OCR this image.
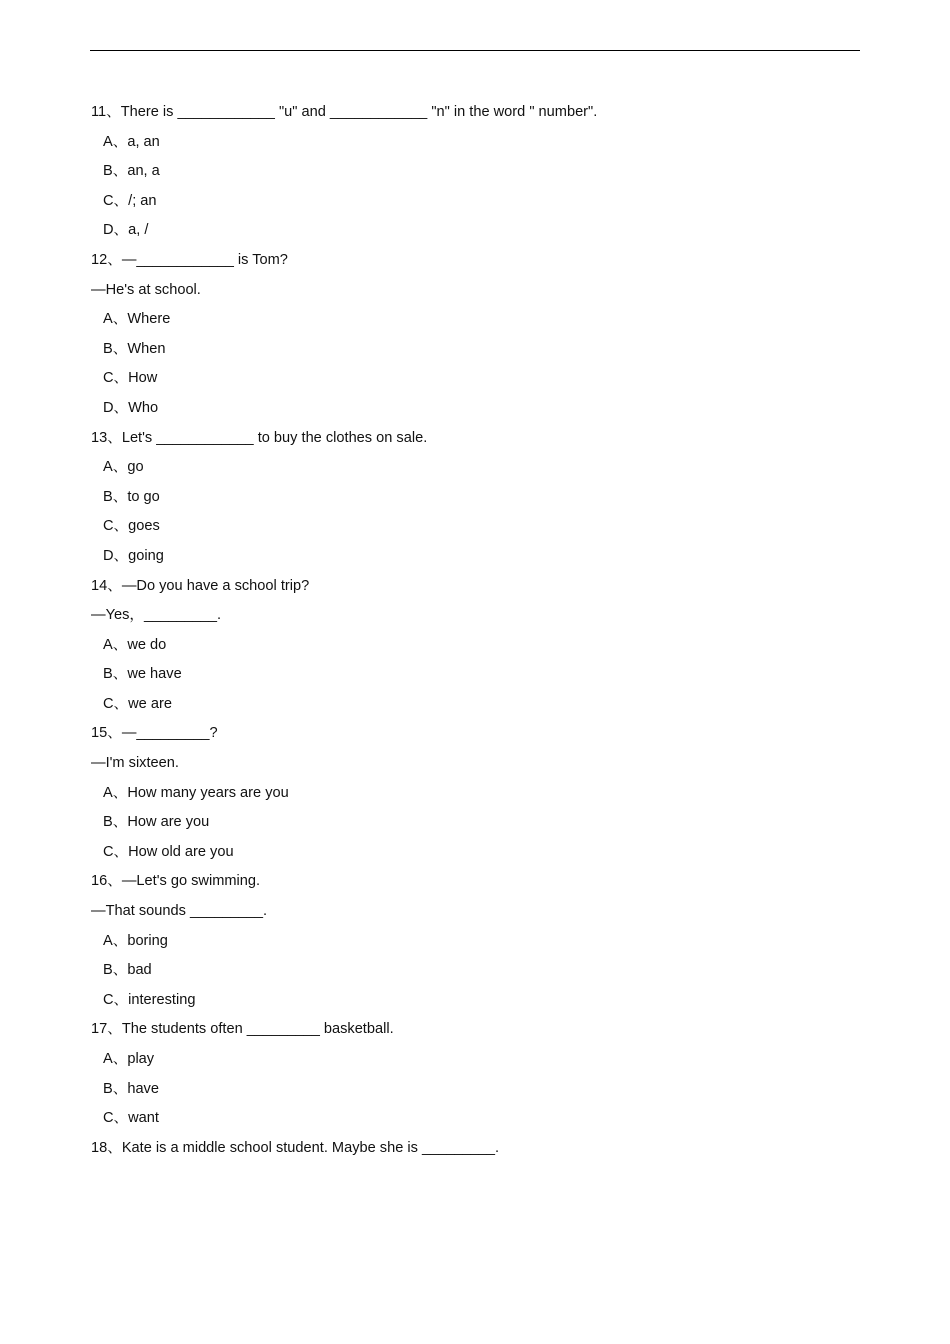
11、There is ____________ "u" and ____________ "n" in the word " number".
A、a, an
B、an, a
C、/; an
D、a, /
12、—____________ is Tom?
—He's at school.
A、Where
B、When
C、How
D、Who
13、Let's ____________ to buy the clothes on sale.
A、go
B、to go
C、goes
D、going
14、—Do you have a school trip?
—Yes，_________.
A、we do
B、we have
C、we are
15、—_________?
—I'm sixteen.
A、How many years are you
B、How are you
C、How old are you
16、—Let's go swimming.
—That sounds _________.
A、boring
B、bad
C、interesting
17、The students often _________ basketball.
A、play
B、have
C、want
18、Kate is a middle school student. Maybe she is _________.
